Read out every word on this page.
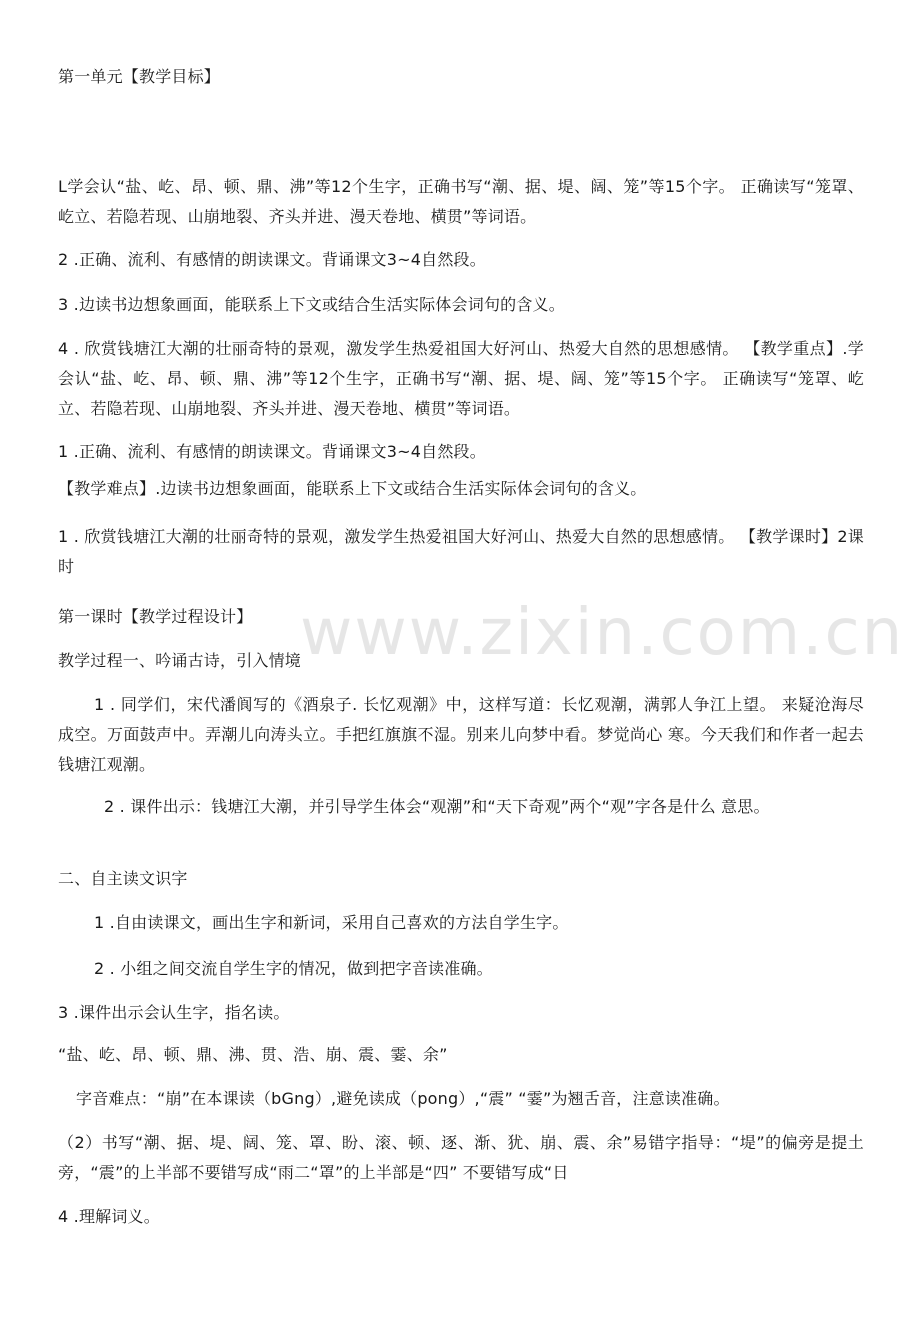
www.zixin.com.cn

第一单元【教学目标】

L学会认“盐、屹、昂、顿、鼎、沸”等12个生字，正确书写“潮、据、堤、阔、笼”等15个字。 正确读写“笼罩、屹立、若隐若现、山崩地裂、齐头并进、漫天卷地、横贯”等词语。

2 .正确、流利、有感情的朗读课文。背诵课文3~4自然段。

3 .边读书边想象画面，能联系上下文或结合生活实际体会词句的含义。

4 . 欣赏钱塘江大潮的壮丽奇特的景观，激发学生热爱祖国大好河山、热爱大自然的思想感情。 【教学重点】.学会认“盐、屹、昂、顿、鼎、沸”等12个生字，正确书写“潮、据、堤、阔、笼”等15个字。 正确读写“笼罩、屹立、若隐若现、山崩地裂、齐头并进、漫天卷地、横贯”等词语。

1 .正确、流利、有感情的朗读课文。背诵课文3~4自然段。

【教学难点】.边读书边想象画面，能联系上下文或结合生活实际体会词句的含义。

1 . 欣赏钱塘江大潮的壮丽奇特的景观，激发学生热爱祖国大好河山、热爱大自然的思想感情。 【教学课时】2课时

第一课时【教学过程设计】

教学过程一、吟诵古诗，引入情境

1 . 同学们，宋代潘阆写的《酒泉子. 长忆观潮》中，这样写道：长忆观潮，满郭人争江上望。 来疑沧海尽成空。万面鼓声中。弄潮儿向涛头立。手把红旗旗不湿。别来儿向梦中看。梦觉尚心 寒。今天我们和作者一起去钱塘江观潮。

2 . 课件出示：钱塘江大潮，并引导学生体会“观潮”和“天下奇观”两个“观”字各是什么 意思。

二、自主读文识字

1 .自由读课文，画出生字和新词，采用自己喜欢的方法自学生字。

2 . 小组之间交流自学生字的情况，做到把字音读准确。

3 .课件出示会认生字，指名读。

“盐、屹、昂、顿、鼎、沸、贯、浩、崩、震、霎、余”

字音难点：“崩”在本课读（bGng）,避免读成（pong）,“震” “霎”为翘舌音，注意读准确。

（2）书写“潮、据、堤、阔、笼、罩、盼、滚、顿、逐、渐、犹、崩、震、余”易错字指导：“堤”的偏旁是提土旁，“震”的上半部不要错写成“雨二“罩”的上半部是“四” 不要错写成“日

4 .理解词义。
